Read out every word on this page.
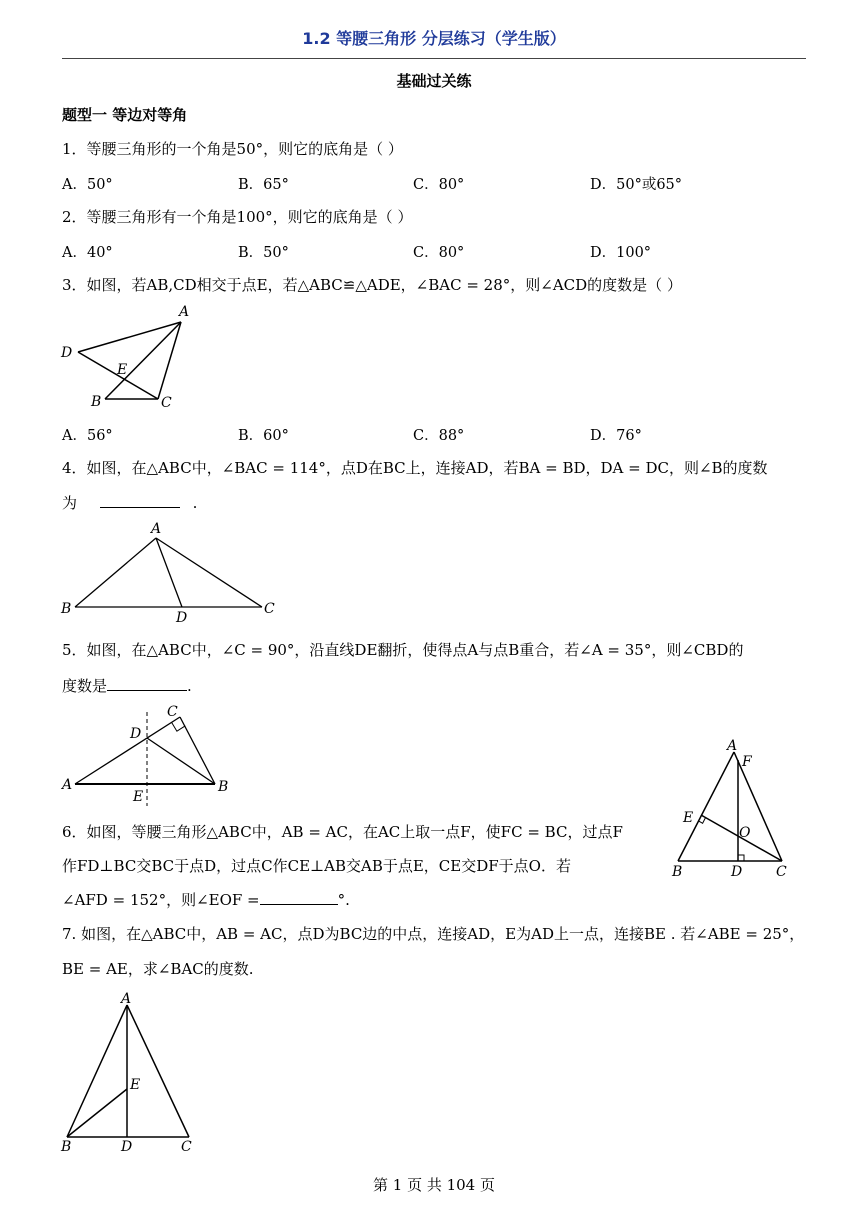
1.2 等腰三角形 分层练习（学生版）
基础过关练
题型一 等边对等角
1．等腰三角形的一个角是50°，则它的底角是（ ）
A．50°	B．65°	C．80°	D．50°或65°
2．等腰三角形有一个角是100°，则它的底角是（ ）
A．40°	B．50°	C．80°	D．100°
3．如图，若AB,CD相交于点E，若△ABC≌△ADE，∠BAC = 28°，则∠ACD的度数是（ ）
A
D
E
B	C
A．56°	B．60°	C．88°	D．76°
4．如图，在△ABC中，∠BAC = 114°，点D在BC上，连接AD，若BA = BD，DA = DC，则∠B的度数
为	.
A
B
D
C
5．如图，在△ABC中，∠C = 90°，沿直线DE翻折，使得点A与点B重合，若∠A = 35°，则∠CBD的
度数是	.
C
D
A
E
B
6．如图，等腰三角形△ABC中，AB = AC，在AC上取一点F，使FC = BC，过点F
作FD⊥BC交BC于点D，过点C作CE⊥AB交AB于点E，CE交DF于点O．若
∠AFD = 152°，则∠EOF =	°.
A
F
E
O
B	D C
7. 如图，在△ABC中，AB = AC，点D为BC边的中点，连接AD，E为AD上一点，连接BE . 若∠ABE = 25°，
BE = AE，求∠BAC的度数.
A
E
B	D	C
第 1 页 共 104 页
